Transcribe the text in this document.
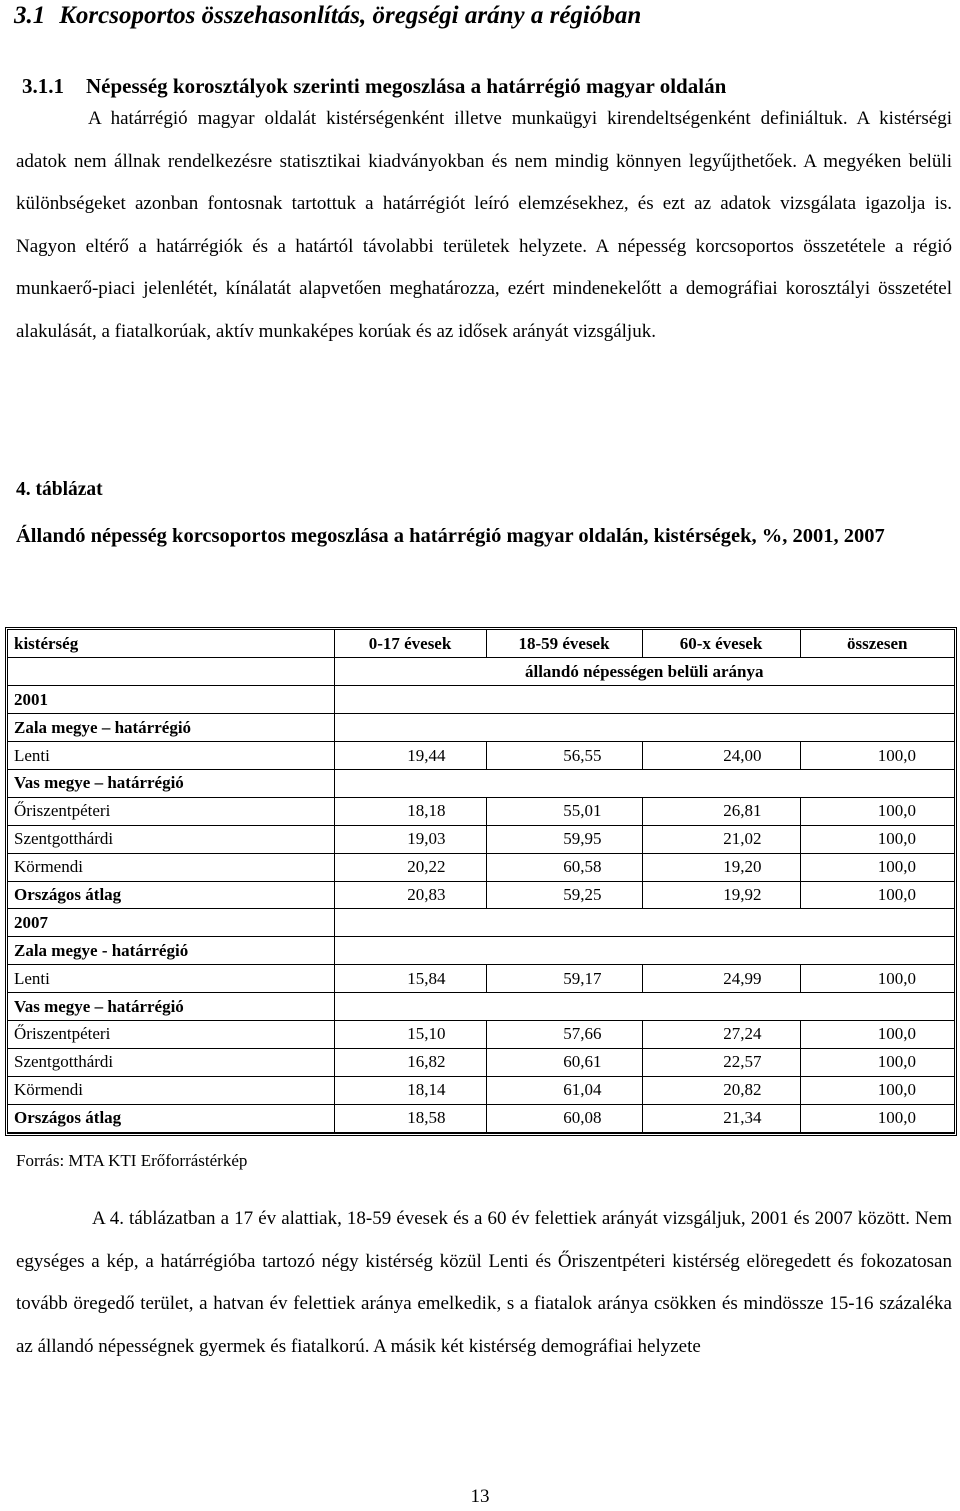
3.1 Korcsoportos összehasonlítás, öregségi arány a régióban
3.1.1 Népesség korosztályok szerinti megoszlása a határrégió magyar oldalán
A határrégió magyar oldalát kistérségenként illetve munkaügyi kirendeltségenként definiáltuk. A kistérségi adatok nem állnak rendelkezésre statisztikai kiadványokban és nem mindig könnyen legyűjthetőek. A megyéken belüli különbségeket azonban fontosnak tartottuk a határrégiót leíró elemzésekhez, és ezt az adatok vizsgálata igazolja is. Nagyon eltérő a határrégiók és a határtól távolabbi területek helyzete. A népesség korcsoportos összetétele a régió munkaerő-piaci jelenlétét, kínálatát alapvetően meghatározza, ezért mindenekelőtt a demográfiai korosztályi összetétel alakulását, a fiatalkorúak, aktív munkaképes korúak és az idősek arányát vizsgáljuk.
4. táblázat
Állandó népesség korcsoportos megoszlása a határrégió magyar oldalán, kistérségek, %, 2001, 2007
kistérség	0-17 évesek	18-59 évesek	60-x évesek	összesen
	állandó népességen belüli aránya			
2001				
Zala megye – határrégió				
Lenti	19,44	56,55	24,00	100,0
Vas megye – határrégió				
Őriszentpéteri	18,18	55,01	26,81	100,0
Szentgotthárdi	19,03	59,95	21,02	100,0
Körmendi	20,22	60,58	19,20	100,0
Országos átlag	20,83	59,25	19,92	100,0
2007				
Zala megye - határrégió				
Lenti	15,84	59,17	24,99	100,0
Vas megye – határrégió				
Őriszentpéteri	15,10	57,66	27,24	100,0
Szentgotthárdi	16,82	60,61	22,57	100,0
Körmendi	18,14	61,04	20,82	100,0
Országos átlag	18,58	60,08	21,34	100,0
Forrás: MTA KTI Erőforrástérkép
A 4. táblázatban a 17 év alattiak, 18-59 évesek és a 60 év felettiek arányát vizsgáljuk, 2001 és 2007 között. Nem egységes a kép, a határrégióba tartozó négy kistérség közül Lenti és Őriszentpéteri kistérség elöregedett és fokozatosan tovább öregedő terület, a hatvan év felettiek aránya emelkedik, s a fiatalok aránya csökken és mindössze 15-16 százaléka az állandó népességnek gyermek és fiatalkorú. A másik két kistérség demográfiai helyzete
13
